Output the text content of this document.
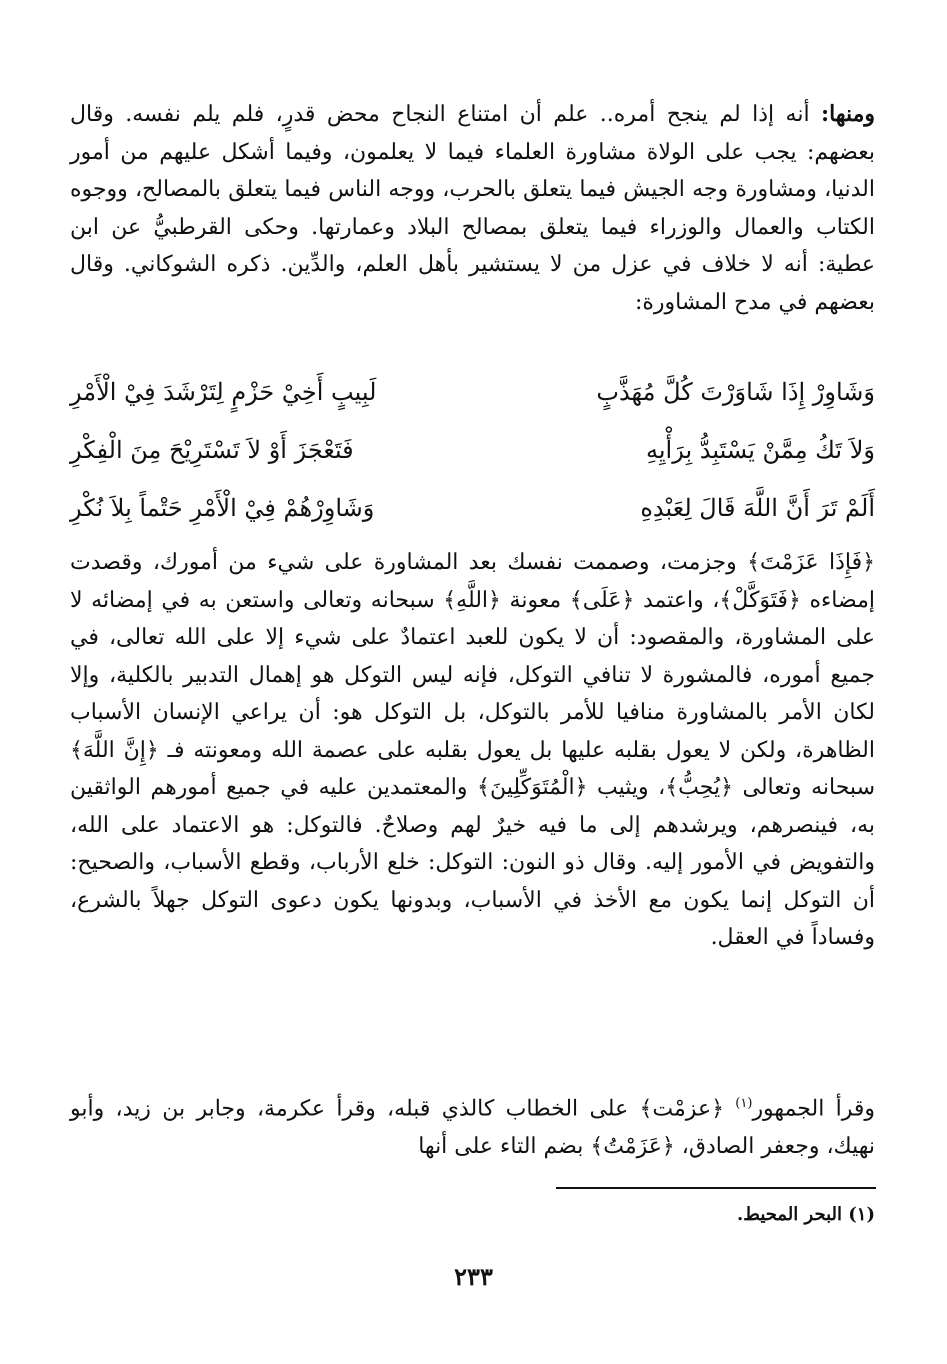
ومنها: أنه إذا لم ينجح أمره.. علم أن امتناع النجاح محض قدرٍ، فلم يلم نفسه. وقال بعضهم: يجب على الولاة مشاورة العلماء فيما لا يعلمون، وفيما أشكل عليهم من أمور الدنيا، ومشاورة وجه الجيش فيما يتعلق بالحرب، ووجه الناس فيما يتعلق بالمصالح، ووجوه الكتاب والعمال والوزراء فيما يتعلق بمصالح البلاد وعمارتها. وحكى القرطبيُّ عن ابن عطية: أنه لا خلاف في عزل من لا يستشير بأهل العلم، والدِّين. ذكره الشوكاني. وقال بعضهم في مدح المشاورة:

وَشَاوِرْ إِذَا شَاوَرْتَ كُلَّ مُهَذَّبٍ
لَبِيبٍ أَخِيْ حَزْمٍ لِتَرْشَدَ فِيْ الْأَمْرِ
وَلاَ تَكُ مِمَّنْ يَسْتَبِدُّ بِرَأْيِهِ
فَتَعْجَزَ أَوْ لاَ تَسْتَرِيْحَ مِنَ الْفِكْرِ
أَلَمْ تَرَ أَنَّ اللَّهَ قَالَ لِعَبْدِهِ
وَشَاوِرْهُمْ فِيْ الْأَمْرِ حَتْماً بِلاَ نُكْرِ

﴿فَإِذَا عَزَمْتَ﴾ وجزمت، وصممت نفسك بعد المشاورة على شيء من أمورك، وقصدت إمضاءه ﴿فَتَوَكَّلْ﴾، واعتمد ﴿عَلَى﴾ معونة ﴿اللَّهِ﴾ سبحانه وتعالى واستعن به في إمضائه لا على المشاورة، والمقصود: أن لا يكون للعبد اعتمادٌ على شيء إلا على الله تعالى، في جميع أموره، فالمشورة لا تنافي التوكل، فإنه ليس التوكل هو إهمال التدبير بالكلية، وإلا لكان الأمر بالمشاورة منافيا للأمر بالتوكل، بل التوكل هو: أن يراعي الإنسان الأسباب الظاهرة، ولكن لا يعول بقلبه عليها بل يعول بقلبه على عصمة الله ومعونته فـ ﴿إِنَّ اللَّهَ﴾ سبحانه وتعالى ﴿يُحِبُّ﴾، ويثيب ﴿الْمُتَوَكِّلِينَ﴾ والمعتمدين عليه في جميع أمورهم الواثقين به، فينصرهم، ويرشدهم إلى ما فيه خيرٌ لهم وصلاحٌ. فالتوكل: هو الاعتماد على الله، والتفويض في الأمور إليه. وقال ذو النون: التوكل: خلع الأرباب، وقطع الأسباب، والصحيح: أن التوكل إنما يكون مع الأخذ في الأسباب، وبدونها يكون دعوى التوكل جهلاً بالشرع، وفساداً في العقل.

وقرأ الجمهور$^{(١)}$ ﴿عزمْت﴾ على الخطاب كالذي قبله، وقرأ عكرمة، وجابر بن زيد، وأبو نهيك، وجعفر الصادق، ﴿عَزَمْتُ﴾ بضم التاء على أنها

(١) البحر المحيط.
٢٣٣
